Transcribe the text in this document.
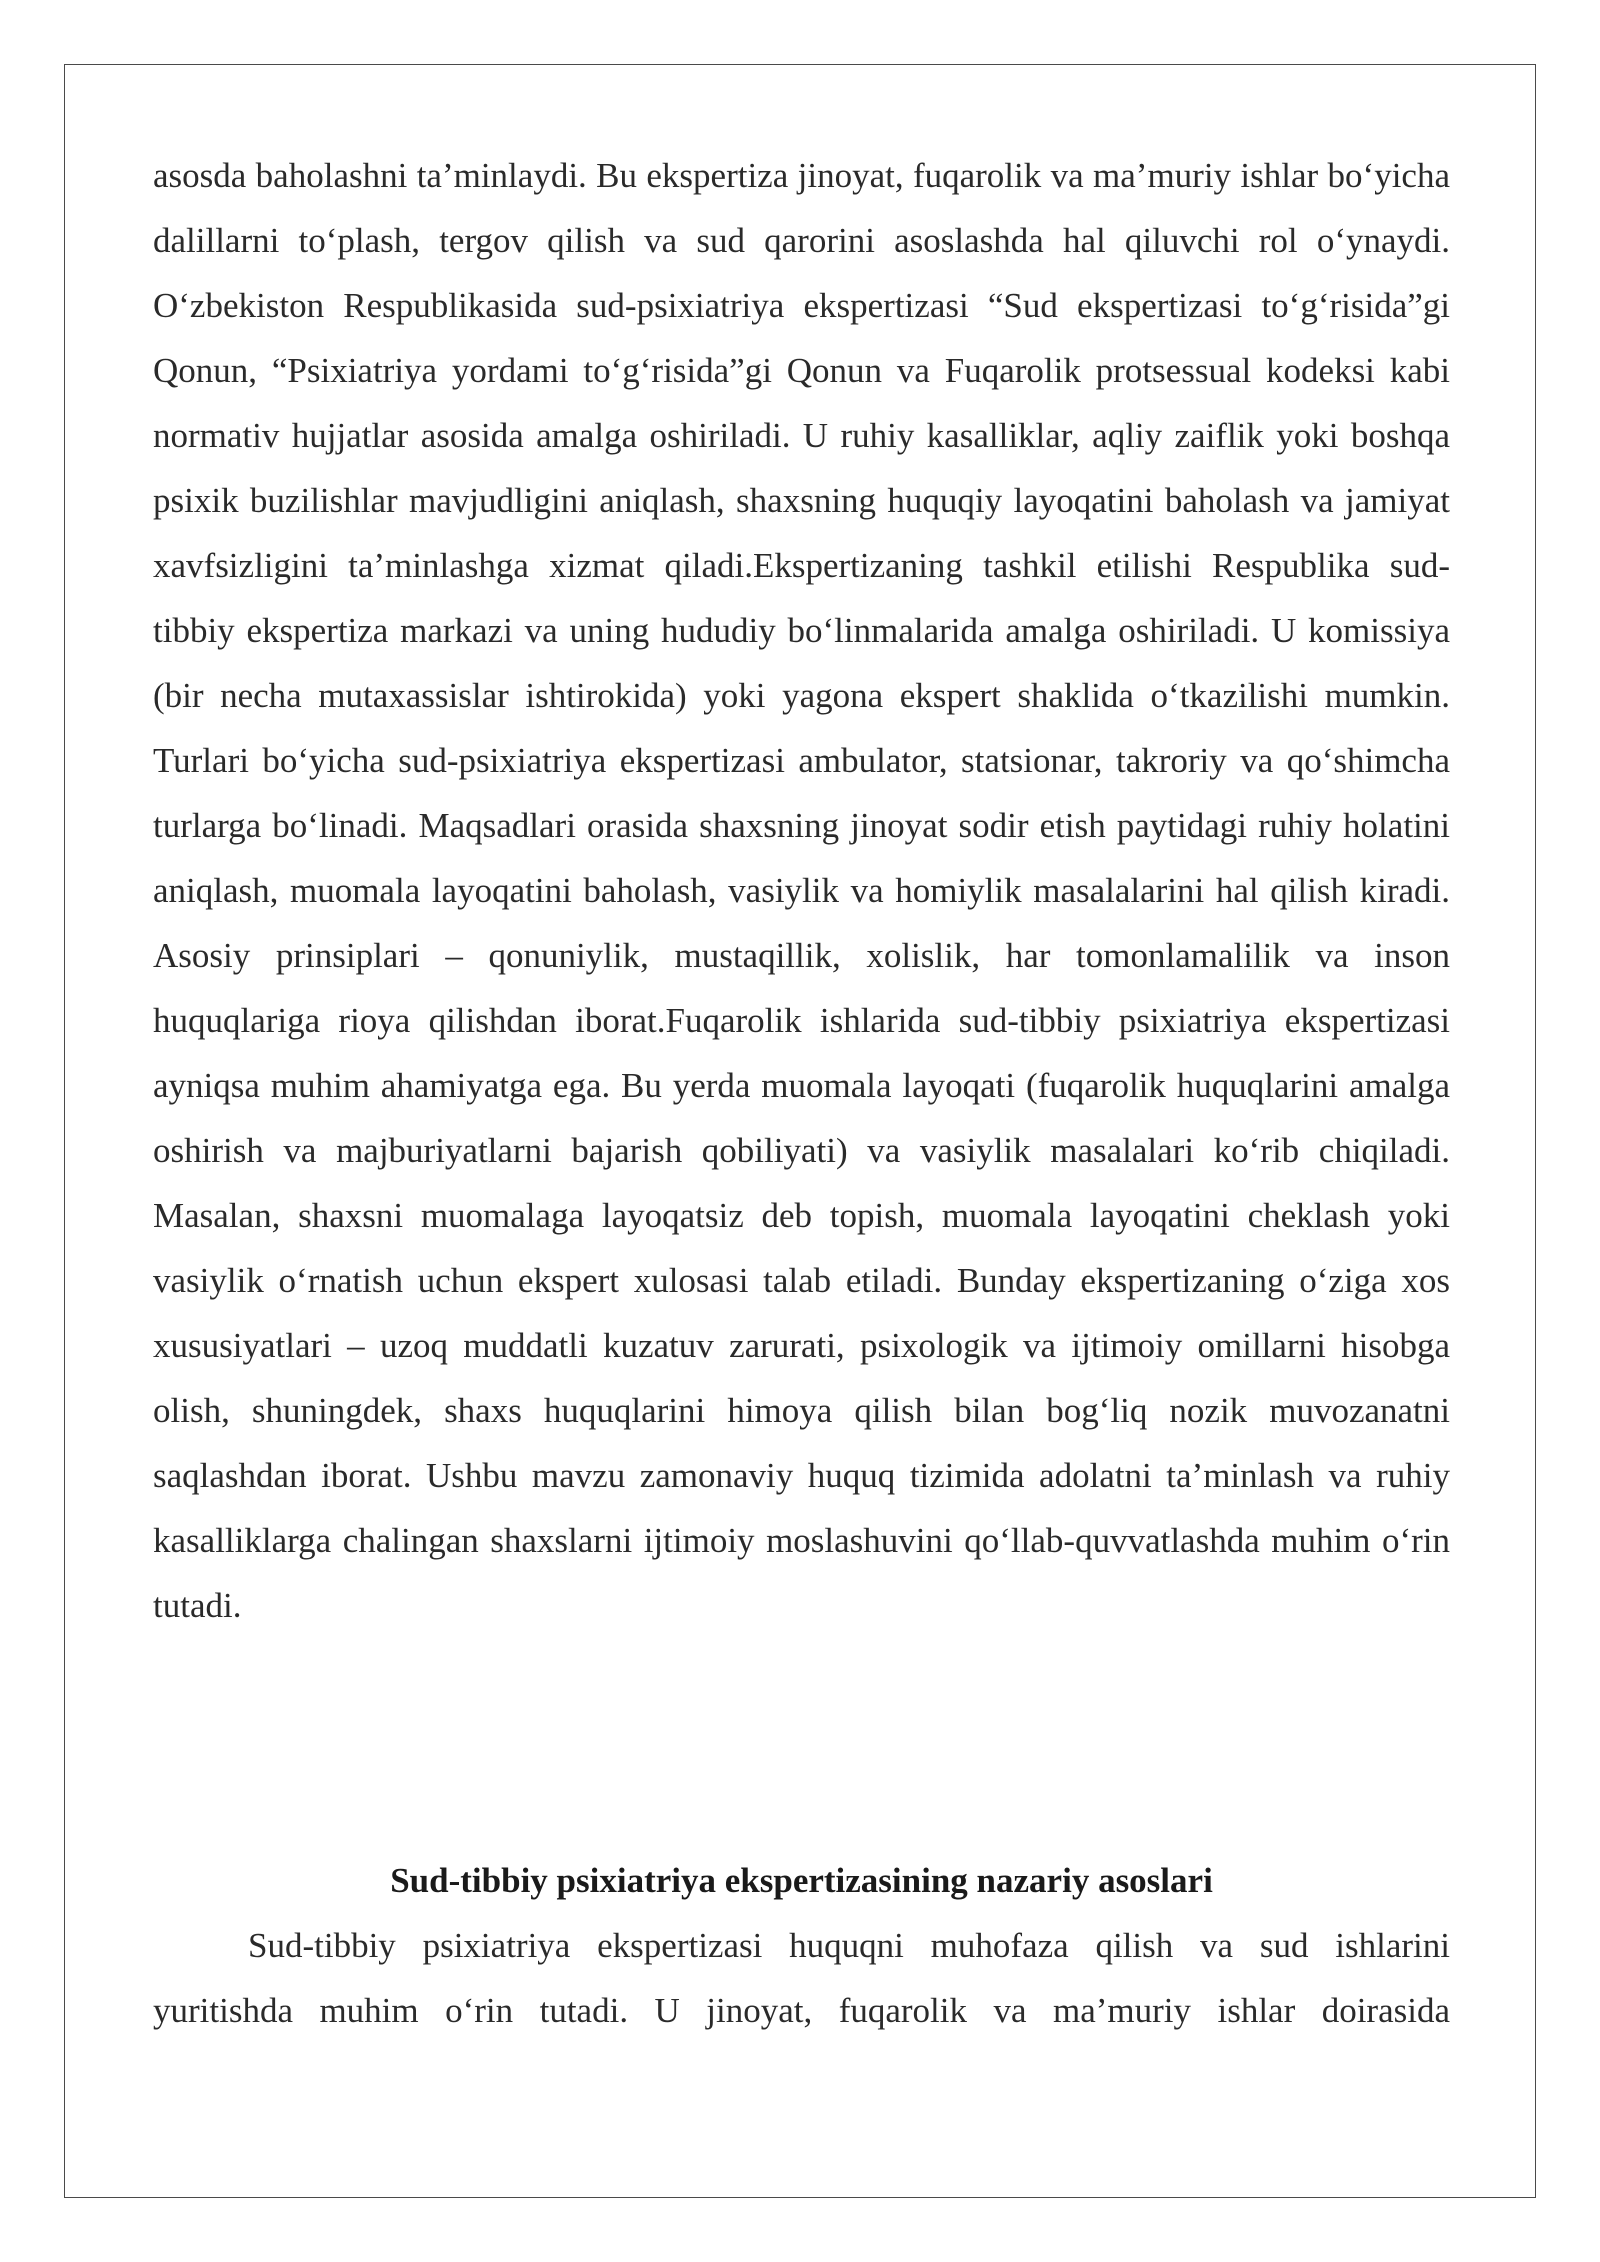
asosda baholashni ta’minlaydi. Bu ekspertiza jinoyat, fuqarolik va ma’muriy ishlar bo‘yicha dalillarni to‘plash, tergov qilish va sud qarorini asoslashda hal qiluvchi rol o‘ynaydi. O‘zbekiston Respublikasida sud-psixiatriya ekspertizasi “Sud ekspertizasi to‘g‘risida”gi Qonun, “Psixiatriya yordami to‘g‘risida”gi Qonun va Fuqarolik protsessual kodeksi kabi normativ hujjatlar asosida amalga oshiriladi. U ruhiy kasalliklar, aqliy zaiflik yoki boshqa psixik buzilishlar mavjudligini aniqlash, shaxsning huquqiy layoqatini baholash va jamiyat xavfsizligini ta’minlashga xizmat qiladi.Ekspertizaning tashkil etilishi Respublika sud-tibbiy ekspertiza markazi va uning hududiy bo‘linmalarida amalga oshiriladi. U komissiya (bir necha mutaxassislar ishtirokida) yoki yagona ekspert shaklida o‘tkazilishi mumkin. Turlari bo‘yicha sud-psixiatriya ekspertizasi ambulator, statsionar, takroriy va qo‘shimcha turlarga bo‘linadi. Maqsadlari orasida shaxsning jinoyat sodir etish paytidagi ruhiy holatini aniqlash, muomala layoqatini baholash, vasiylik va homiylik masalalarini hal qilish kiradi. Asosiy prinsiplari – qonuniylik, mustaqillik, xolislik, har tomonlamalilik va inson huquqlariga rioya qilishdan iborat.Fuqarolik ishlarida sud-tibbiy psixiatriya ekspertizasi ayniqsa muhim ahamiyatga ega. Bu yerda muomala layoqati (fuqarolik huquqlarini amalga oshirish va majburiyatlarni bajarish qobiliyati) va vasiylik masalalari ko‘rib chiqiladi. Masalan, shaxsni muomalaga layoqatsiz deb topish, muomala layoqatini cheklash yoki vasiylik o‘rnatish uchun ekspert xulosasi talab etiladi. Bunday ekspertizaning o‘ziga xos xususiyatlari – uzoq muddatli kuzatuv zarurati, psixologik va ijtimoiy omillarni hisobga olish, shuningdek, shaxs huquqlarini himoya qilish bilan bog‘liq nozik muvozanatni saqlashdan iborat. Ushbu mavzu zamonaviy huquq tizimida adolatni ta’minlash va ruhiy kasalliklarga chalingan shaxslarni ijtimoiy moslashuvini qo‘llab-quvvatlashda muhim o‘rin tutadi.

Sud-tibbiy psixiatriya ekspertizasining nazariy asoslari

Sud-tibbiy psixiatriya ekspertizasi huquqni muhofaza qilish va sud ishlarini yuritishda muhim o‘rin tutadi. U jinoyat, fuqarolik va ma’muriy ishlar doirasida
